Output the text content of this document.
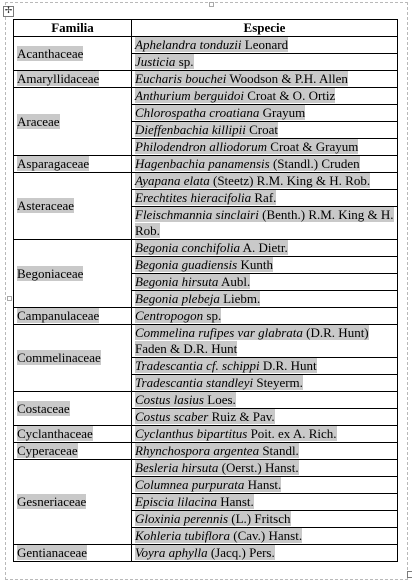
✢
Familia	Especie
Acanthaceae	Aphelandra tonduzii Leonard
	Justicia sp.
Amaryllidaceae	Eucharis bouchei Woodson & P.H. Allen
Araceae	Anthurium berguidoi Croat & O. Ortiz
	Chlorospatha croatiana Grayum
	Dieffenbachia killipii Croat
	Philodendron alliodorum Croat & Grayum
Asparagaceae	Hagenbachia panamensis (Standl.) Cruden
Asteraceae	Ayapana elata (Steetz) R.M. King & H. Rob.
	Erechtites hieracifolia Raf.
	Fleischmannia sinclairi (Benth.) R.M. King & H. Rob.
Begoniaceae	Begonia conchifolia A. Dietr.
	Begonia guadiensis Kunth
	Begonia hirsuta Aubl.
	Begonia plebeja Liebm.
Campanulaceae	Centropogon sp.
Commelinaceae	Commelina rufipes var glabrata (D.R. Hunt) Faden & D.R. Hunt
	Tradescantia cf. schippi D.R. Hunt
	Tradescantia standleyi Steyerm.
Costaceae	Costus lasius Loes.
	Costus scaber Ruiz & Pav.
Cyclanthaceae	Cyclanthus bipartitus Poit. ex A. Rich.
Cyperaceae	Rhynchospora argentea Standl.
Gesneriaceae	Besleria hirsuta (Oerst.) Hanst.
	Columnea purpurata Hanst.
	Episcia lilacina Hanst.
	Gloxinia perennis (L.) Fritsch
	Kohleria tubiflora (Cav.) Hanst.
Gentianaceae	Voyra aphylla (Jacq.) Pers.
